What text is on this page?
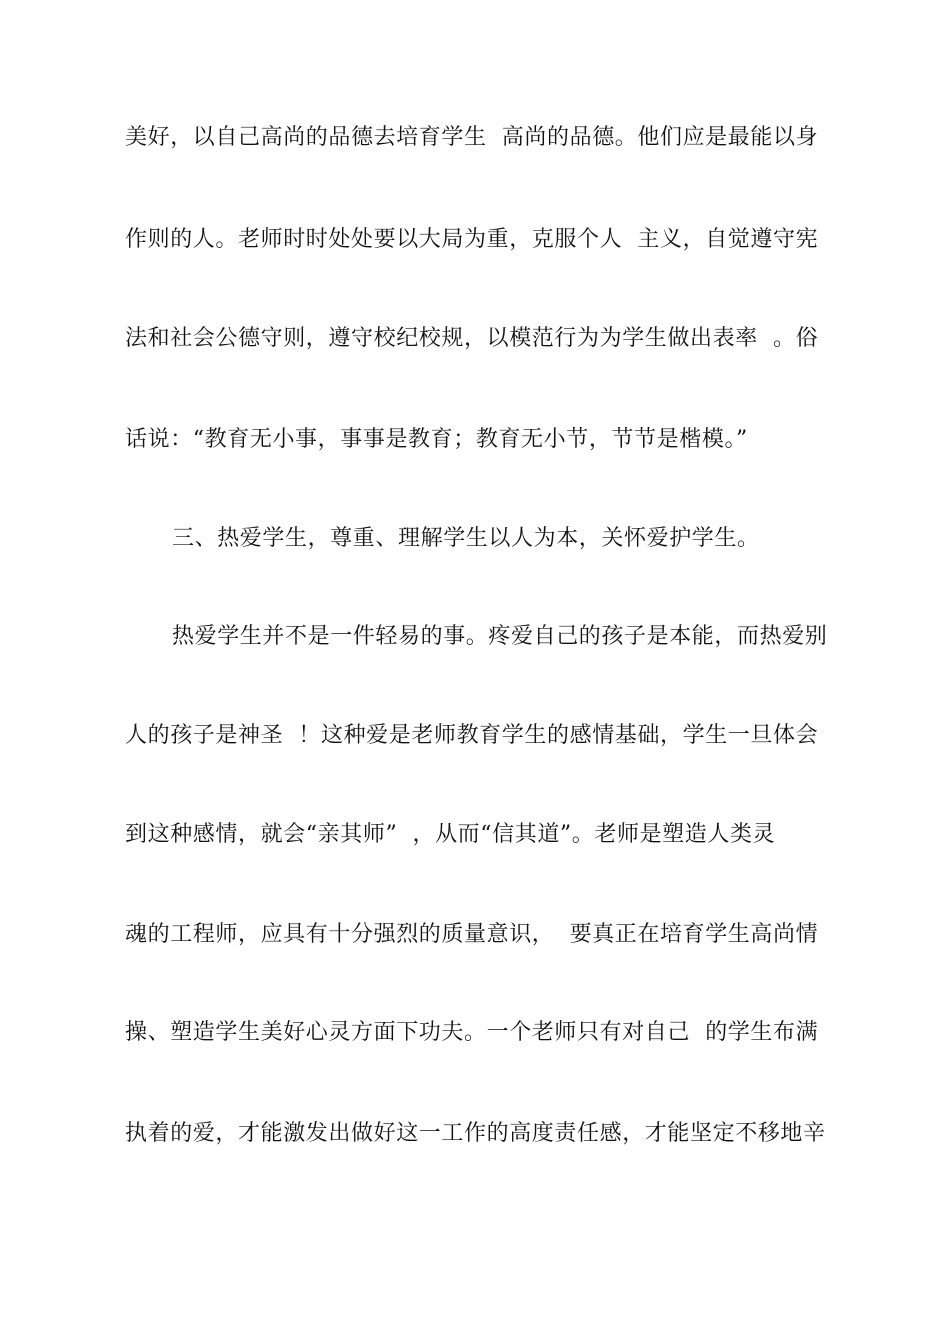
美好，以自己高尚的品德去培育学生  高尚的品德。他们应是最能以身
作则的人。老师时时处处要以大局为重，克服个人  主义，自觉遵守宪
法和社会公德守则，遵守校纪校规，以模范行为为学生做出表率  。俗
话说：“教育无小事，事事是教育；教育无小节，节节是楷模。”
三、热爱学生，尊重、理解学生以人为本，关怀爱护学生。
热爱学生并不是一件轻易的事。疼爱自己的孩子是本能，而热爱别
人的孩子是神圣  ！这种爱是老师教育学生的感情基础，学生一旦体会
到这种感情，就会“亲其师”  ，从而“信其道”。老师是塑造人类灵
魂的工程师，应具有十分强烈的质量意识，  要真正在培育学生高尚情
操、塑造学生美好心灵方面下功夫。一个老师只有对自己  的学生布满
执着的爱，才能激发出做好这一工作的高度责任感，才能坚定不移地辛
